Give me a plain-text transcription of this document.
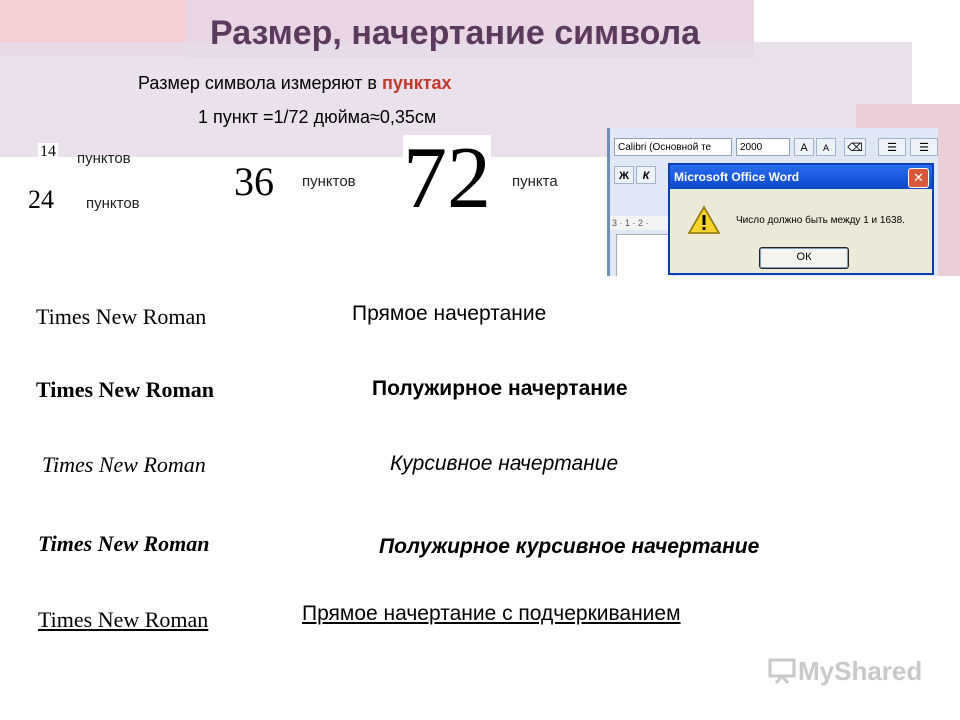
Размер, начертание символа
Размер символа измеряют в пунктах
1 пункт =1/72 дюйма≈0,35см
14 пунктов
24 пунктов 36 пунктов 72 пункта
Calibri (Основной те	2000	A	A	⌫	☰	☰
Ж	К
3 · 1 · 2 ·
Microsoft Office Word	✕
Число должно быть между 1 и 1638.
ОК
Times New Roman	Прямое начертание
Times New Roman	Полужирное начертание
Times New Roman	Курсивное начертание
Times New Roman	Полужирное курсивное начертание
Times New Roman	Прямое начертание с подчеркиванием
MyShared
